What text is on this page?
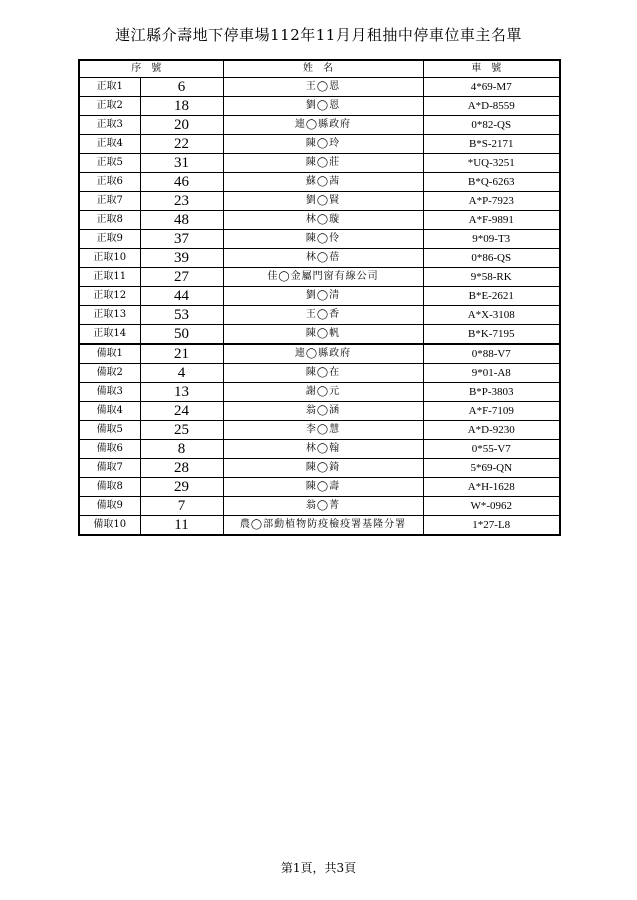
連江縣介壽地下停車場112年11月月租抽中停車位車主名單
序號		姓名	車號
正取1	6	王◯恩	4*69-M7
正取2	18	劉◯恩	A*D-8559
正取3	20	連◯縣政府	0*82-QS
正取4	22	陳◯玲	B*S-2171
正取5	31	陳◯莊	*UQ-3251
正取6	46	蘇◯茜	B*Q-6263
正取7	23	劉◯賢	A*P-7923
正取8	48	林◯璇	A*F-9891
正取9	37	陳◯伶	9*09-T3
正取10	39	林◯蓓	0*86-QS
正取11	27	佳◯金屬門窗有線公司	9*58-RK
正取12	44	劉◯清	B*E-2621
正取13	53	王◯香	A*X-3108
正取14	50	陳◯帆	B*K-7195
備取1	21	連◯縣政府	0*88-V7
備取2	4	陳◯在	9*01-A8
備取3	13	謝◯元	B*P-3803
備取4	24	翁◯涵	A*F-7109
備取5	25	李◯慧	A*D-9230
備取6	8	林◯翰	0*55-V7
備取7	28	陳◯錡	5*69-QN
備取8	29	陳◯壽	A*H-1628
備取9	7	翁◯菁	W*-0962
備取10	11	農◯部動植物防疫檢疫署基隆分署	1*27-L8
第1頁，共3頁
